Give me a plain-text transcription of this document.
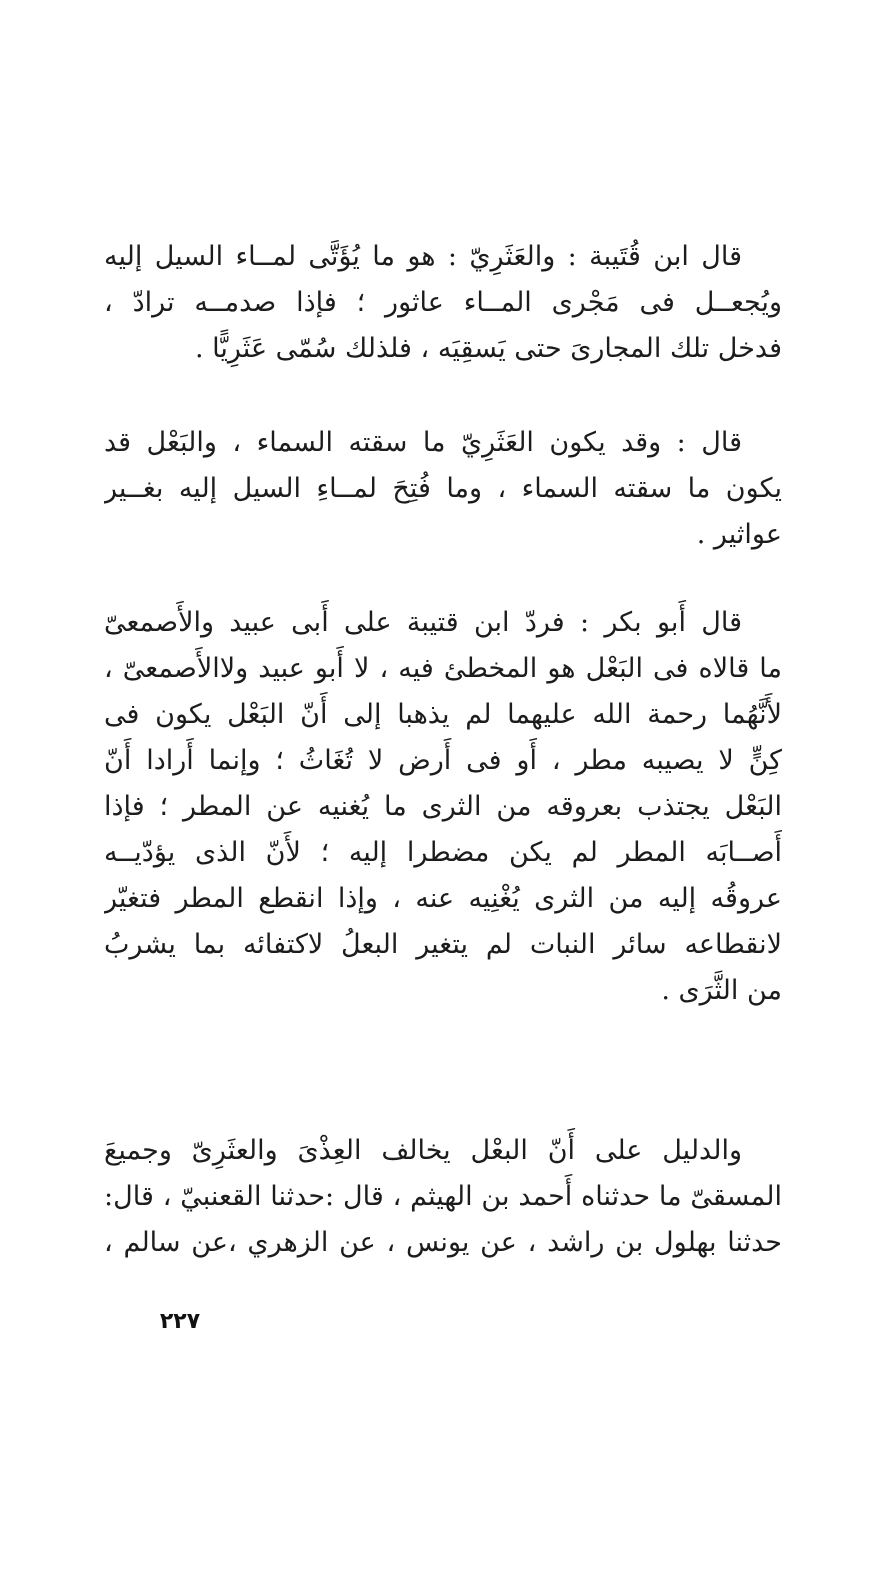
قال ابن قُتَيبة : والعَثَرِيّ : هو ما يُؤَتَّى لمــاء السيل إليه
ويُجعــل فى مَجْرى المــاء عاثور ؛ فإذا صدمــه ترادّ ،
فدخل تلك المجارىَ حتى يَسقِيَه ، فلذلك سُمّى عَثَرِيًّا .
قال : وقد يكون العَثَرِيّ ما سقته السماء ، والبَعْل قد
يكون ما سقته السماء ، وما فُتِحَ لمــاءِ السيل إليه بغــير
عواثير .
قال أَبو بكر : فردّ ابن قتيبة على أَبى عبيد والأَصمعىّ
ما قالاه فى البَعْل هو المخطئ فيه ، لا أَبو عبيد ولاالأَصمعىّ ،
لأَنَّهُما رحمة الله عليهما لم يذهبا إلى أَنّ البَعْل يكون فى
كِنٍّ لا يصيبه مطر ، أَو فى أَرض لا تُغَاثُ ؛ وإنما أَرادا أَنّ
البَعْل يجتذب بعروقه من الثرى ما يُغنيه عن المطر ؛ فإذا
أَصــابَه المطر لم يكن مضطرا إليه ؛ لأَنّ الذى يؤدّيــه
عروقُه إليه من الثرى يُغْنِيه عنه ، وإذا انقطع المطر فتغيّر
لانقطاعه سائر النبات لم يتغير البعلُ لاكتفائه بما يشربُ
من الثَّرَى .
والدليل على أَنّ البعْل يخالف العِذْىَ والعثَرِىّ وجميعَ
المسقىّ ما حدثناه أَحمد بن الهيثم ، قال :حدثنا القعنبيّ ، قال:
حدثنا بهلول بن راشد ، عن يونس ، عن الزهري ،عن سالم ،
٢٢٧
